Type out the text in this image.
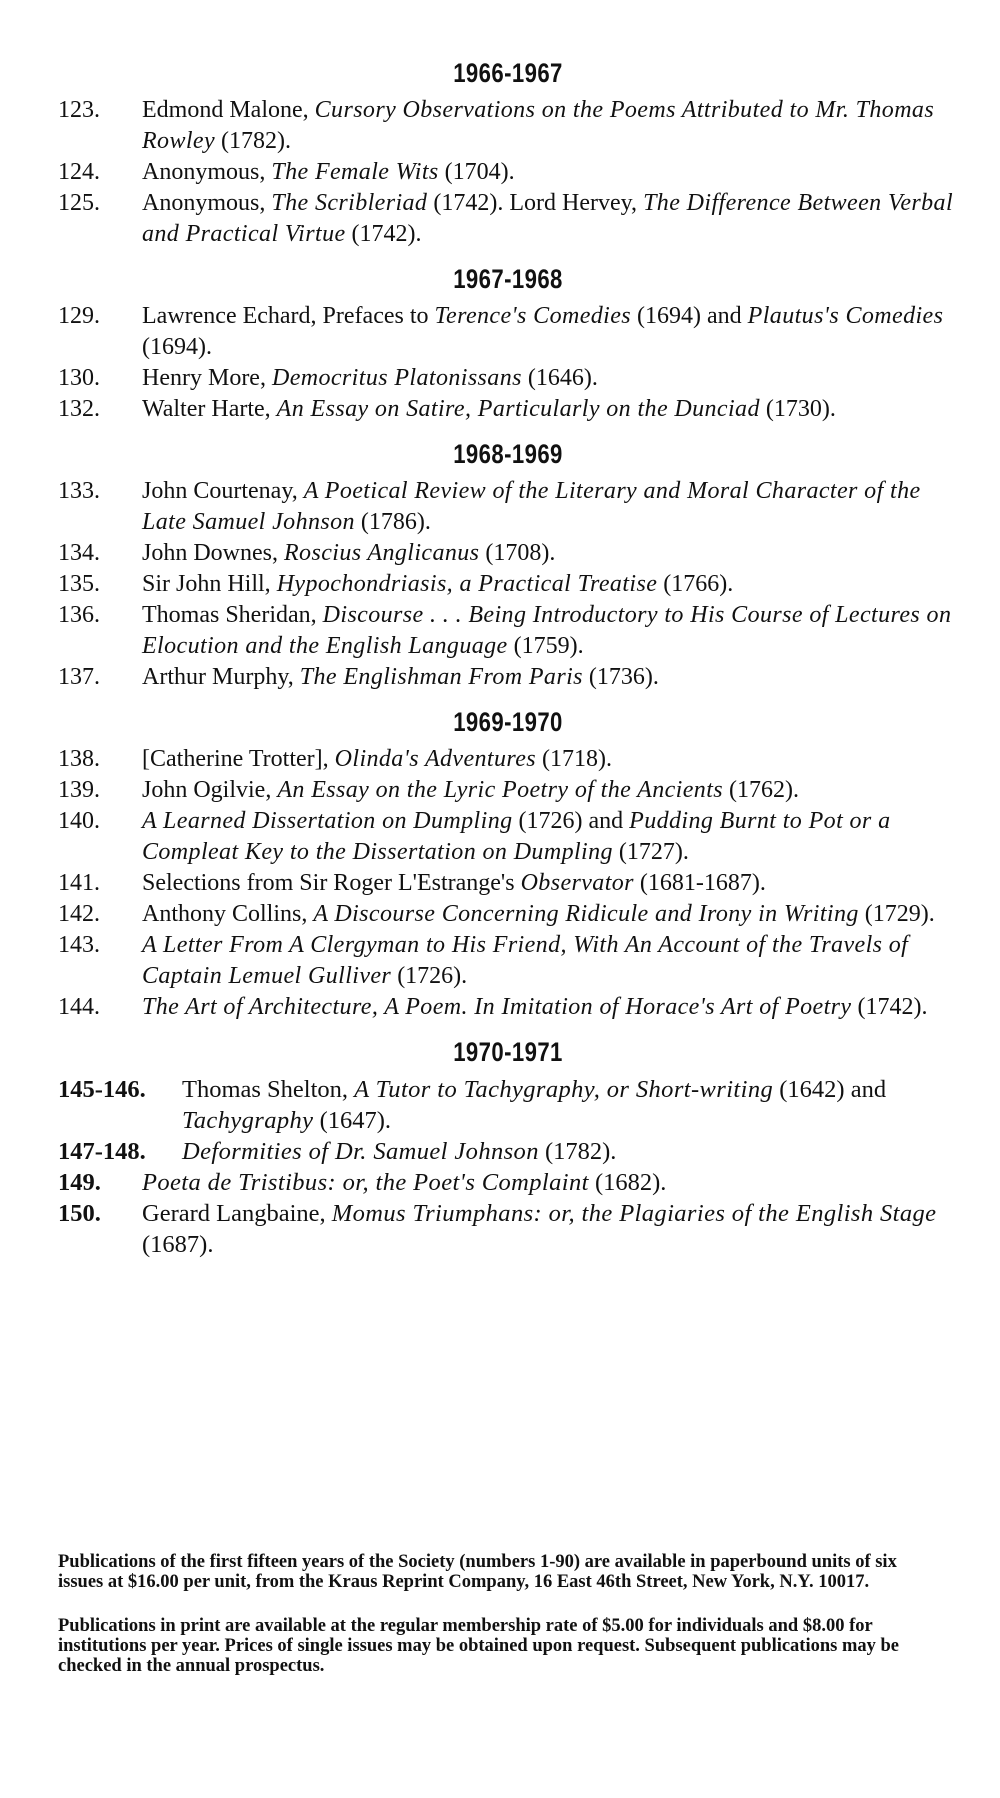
1966-1967

123.	Edmond Malone, Cursory Observations on the Poems Attributed to Mr. Thomas Rowley (1782).

124.	Anonymous, The Female Wits (1704).

125.	Anonymous, The Scribleriad (1742). Lord Hervey, The Difference Between Verbal and Practical Virtue (1742).

1967-1968

129.	Lawrence Echard, Prefaces to Terence's Comedies (1694) and Plautus's Comedies (1694).

130.	Henry More, Democritus Platonissans (1646).

132.	Walter Harte, An Essay on Satire, Particularly on the Dunciad (1730).

1968-1969

133.	John Courtenay, A Poetical Review of the Literary and Moral Character of the Late Samuel Johnson (1786).

134.	John Downes, Roscius Anglicanus (1708).

135.	Sir John Hill, Hypochondriasis, a Practical Treatise (1766).

136.	Thomas Sheridan, Discourse . . . Being Introductory to His Course of Lectures on Elocution and the English Language (1759).

137.	Arthur Murphy, The Englishman From Paris (1736).

1969-1970

138.	[Catherine Trotter], Olinda's Adventures (1718).

139.	John Ogilvie, An Essay on the Lyric Poetry of the Ancients (1762).

140.	A Learned Dissertation on Dumpling (1726) and Pudding Burnt to Pot or a Compleat Key to the Dissertation on Dumpling (1727).

141.	Selections from Sir Roger L'Estrange's Observator (1681-1687).

142.	Anthony Collins, A Discourse Concerning Ridicule and Irony in Writing (1729).

143.	A Letter From A Clergyman to His Friend, With An Account of the Travels of Captain Lemuel Gulliver (1726).

144.	The Art of Architecture, A Poem. In Imitation of Horace's Art of Poetry (1742).

1970-1971

145-146.	Thomas Shelton, A Tutor to Tachygraphy, or Short-writing (1642) and Tachygraphy (1647).

147-148.	Deformities of Dr. Samuel Johnson (1782).

149.	Poeta de Tristibus: or, the Poet's Complaint (1682).

150.	Gerard Langbaine, Momus Triumphans: or, the Plagiaries of the English Stage (1687).

Publications of the first fifteen years of the Society (numbers 1-90) are available in paperbound units of six issues at $16.00 per unit, from the Kraus Reprint Company, 16 East 46th Street, New York, N.Y. 10017.

Publications in print are available at the regular membership rate of $5.00 for individuals and $8.00 for institutions per year. Prices of single issues may be obtained upon request. Subsequent publications may be checked in the annual prospectus.
